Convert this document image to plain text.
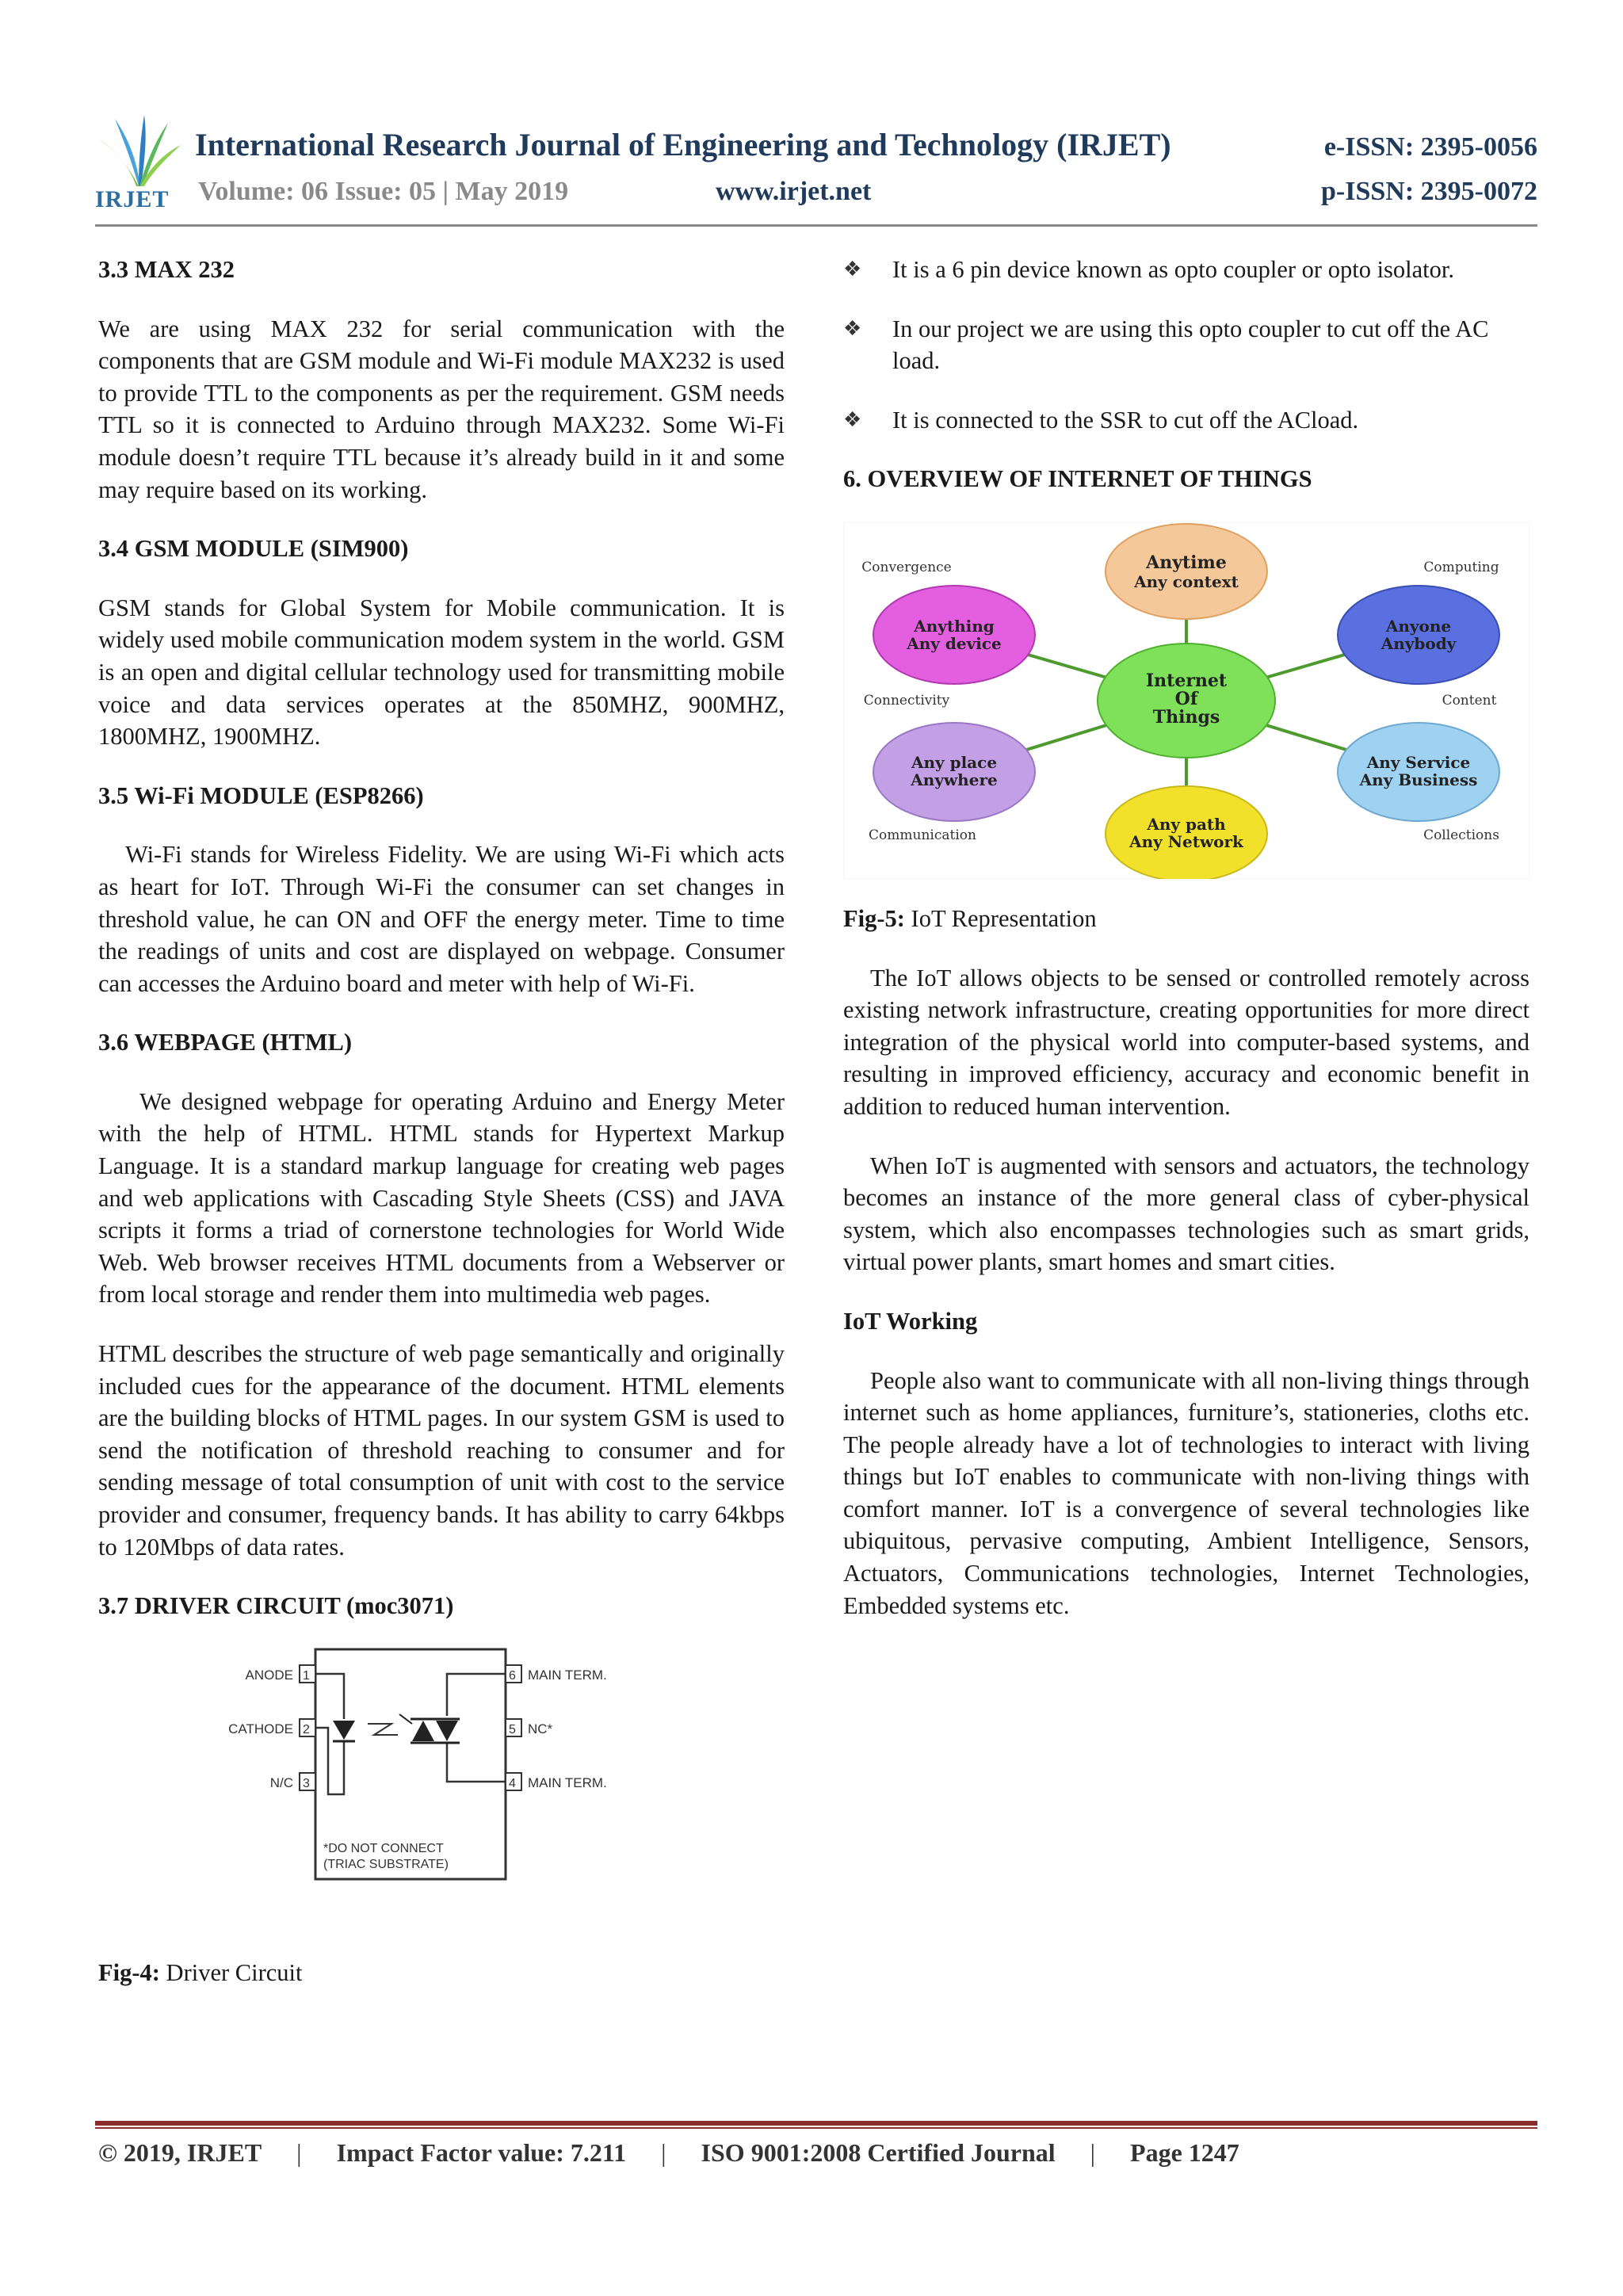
IRJET
International Research Journal of Engineering and Technology (IRJET)	e-ISSN: 2395-0056
Volume: 06 Issue: 05 | May 2019	www.irjet.net	p-ISSN: 2395-0072
3.3 MAX 232

We are using MAX 232 for serial communication with the components that are GSM module and Wi-Fi module MAX232 is used to provide TTL to the components as per the requirement. GSM needs TTL so it is connected to Arduino through MAX232. Some Wi-Fi module doesn’t require TTL because it’s already build in it and some may require based on its working.

3.4 GSM MODULE (SIM900)

GSM stands for Global System for Mobile communication. It is widely used mobile communication modem system in the world. GSM is an open and digital cellular technology used for transmitting mobile voice and data services operates at the 850MHZ, 900MHZ, 1800MHZ, 1900MHZ.

3.5 Wi-Fi MODULE (ESP8266)

Wi-Fi stands for Wireless Fidelity. We are using Wi-Fi which acts as heart for IoT. Through Wi-Fi the consumer can set changes in threshold value, he can ON and OFF the energy meter. Time to time the readings of units and cost are displayed on webpage. Consumer can accesses the Arduino board and meter with help of Wi-Fi.

3.6 WEBPAGE (HTML)

We designed webpage for operating Arduino and Energy Meter with the help of HTML. HTML stands for Hypertext Markup Language. It is a standard markup language for creating web pages and web applications with Cascading Style Sheets (CSS) and JAVA scripts it forms a triad of cornerstone technologies for World Wide Web. Web browser receives HTML documents from a Webserver or from local storage and render them into multimedia web pages.

HTML describes the structure of web page semantically and originally included cues for the appearance of the document. HTML elements are the building blocks of HTML pages. In our system GSM is used to send the notification of threshold reaching to consumer and for sending message of total consumption of unit with cost to the service provider and consumer, frequency bands. It has ability to carry 64kbps to 120Mbps of data rates.

3.7 DRIVER CIRCUIT (moc3071)
1
2
3
6
5
4
ANODE
CATHODE
N/C
MAIN TERM.
NC*
MAIN TERM.
*DO NOT CONNECT
(TRIAC SUBSTRATE)

Fig-4: Driver Circuit

❖ It is a 6 pin device known as opto coupler or opto isolator.
❖ In our project we are using this opto coupler to cut off the AC load.
❖ It is connected to the SSR to cut off the ACload.
6. OVERVIEW OF INTERNET OF THINGS
Anytime
Any context
Anything
Any device
Anyone
Anybody
Internet
Of
Things
Any place
Anywhere
Any Service
Any Business
Any path
Any Network
Convergence	Computing
Connectivity	Content
Communication	Collections

Fig-5: IoT Representation

The IoT allows objects to be sensed or controlled remotely across existing network infrastructure, creating opportunities for more direct integration of the physical world into computer-based systems, and resulting in improved efficiency, accuracy and economic benefit in addition to reduced human intervention.

When IoT is augmented with sensors and actuators, the technology becomes an instance of the more general class of cyber-physical system, which also encompasses technologies such as smart grids, virtual power plants, smart homes and smart cities.

IoT Working

People also want to communicate with all non-living things through internet such as home appliances, furniture’s, stationeries, cloths etc. The people already have a lot of technologies to interact with living things but IoT enables to communicate with non-living things with comfort manner. IoT is a convergence of several technologies like ubiquitous, pervasive computing, Ambient Intelligence, Sensors, Actuators, Communications technologies, Internet Technologies, Embedded systems etc.

© 2019, IRJET | Impact Factor value: 7.211 | ISO 9001:2008 Certified Journal | Page 1247
